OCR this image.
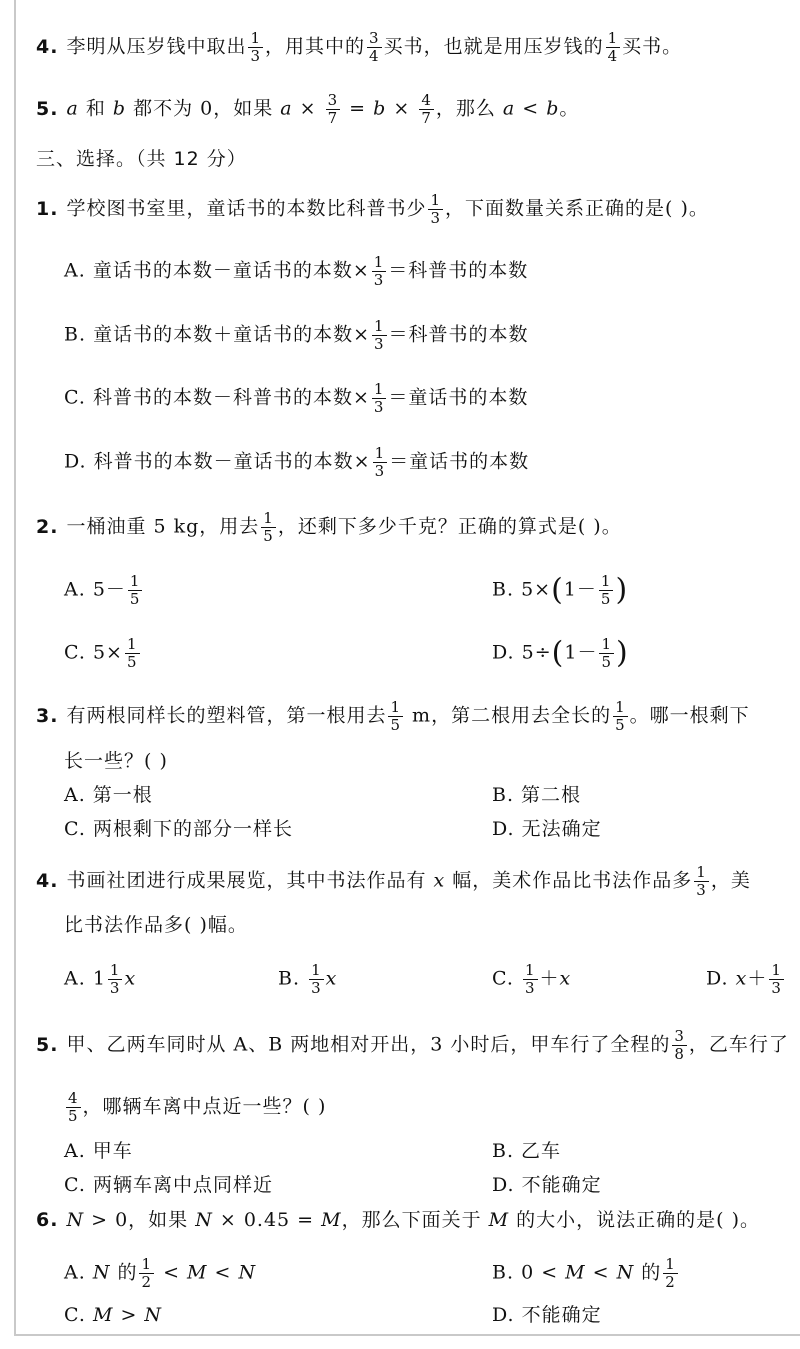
4. 李明从压岁钱中取出 $\frac{1}{3}$ ，用其中的 $\frac{3}{4}$ 买书，也就是用压岁钱的 $\frac{1}{4}$ 买书。
5. a 和 b 都不为 0，如果 $a \times \frac{3}{7} = b \times \frac{4}{7}$ ，那么 a < b。
三、选择。（共 12 分）
1. 学校图书室里，童话书的本数比科普书少 $\frac{1}{3}$ ，下面数量关系正确的是( )。
A. 童话书的本数－童话书的本数× $\frac{1}{3}$ ＝科普书的本数
B. 童话书的本数＋童话书的本数× $\frac{1}{3}$ ＝科普书的本数
C. 科普书的本数－科普书的本数× $\frac{1}{3}$ ＝童话书的本数
D. 科普书的本数－童话书的本数× $\frac{1}{3}$ ＝童话书的本数
2. 一桶油重 5 kg，用去 $\frac{1}{5}$ ，还剩下多少千克？正确的算式是( )。
A. $5- \frac{1}{5}$	B. $5\times(1- \frac{1}{5}$ )
C. $5\times \frac{1}{5}$	D. $5\div(1- \frac{1}{5}$ )
3. 有两根同样长的塑料管，第一根用去 $\frac{1}{5}$ m，第二根用去全长的 $\frac{1}{5}$ 。哪一根剩下
长一些？( )
A. 第一根	B. 第二根
C. 两根剩下的部分一样长	D. 无法确定
4. 书画社团进行成果展览，其中书法作品有 x 幅，美术作品比书法作品多 $\frac{1}{3}$ ，美
比书法作品多( )幅。
A. $1 \frac{1}{3}$ x	B. $\frac{1}{3}$ x	C. $\frac{1}{3} +x$	D. $x+ \frac{1}{3}$
5. 甲、乙两车同时从 A、B 两地相对开出，3 小时后，甲车行了全程的 $\frac{3}{8}$ ，乙车行了
$\frac{4}{5}$ ，哪辆车离中点近一些？( )
A. 甲车	B. 乙车
C. 两辆车离中点同样近	D. 不能确定
6. N > 0，如果 N × 0.45 = M，那么下面关于 M 的大小，说法正确的是( )。
A. N 的 $\frac{1}{2} < M < N$	B. 0 < M < N 的 $\frac{1}{2}$
C. M > N	D. 不能确定
